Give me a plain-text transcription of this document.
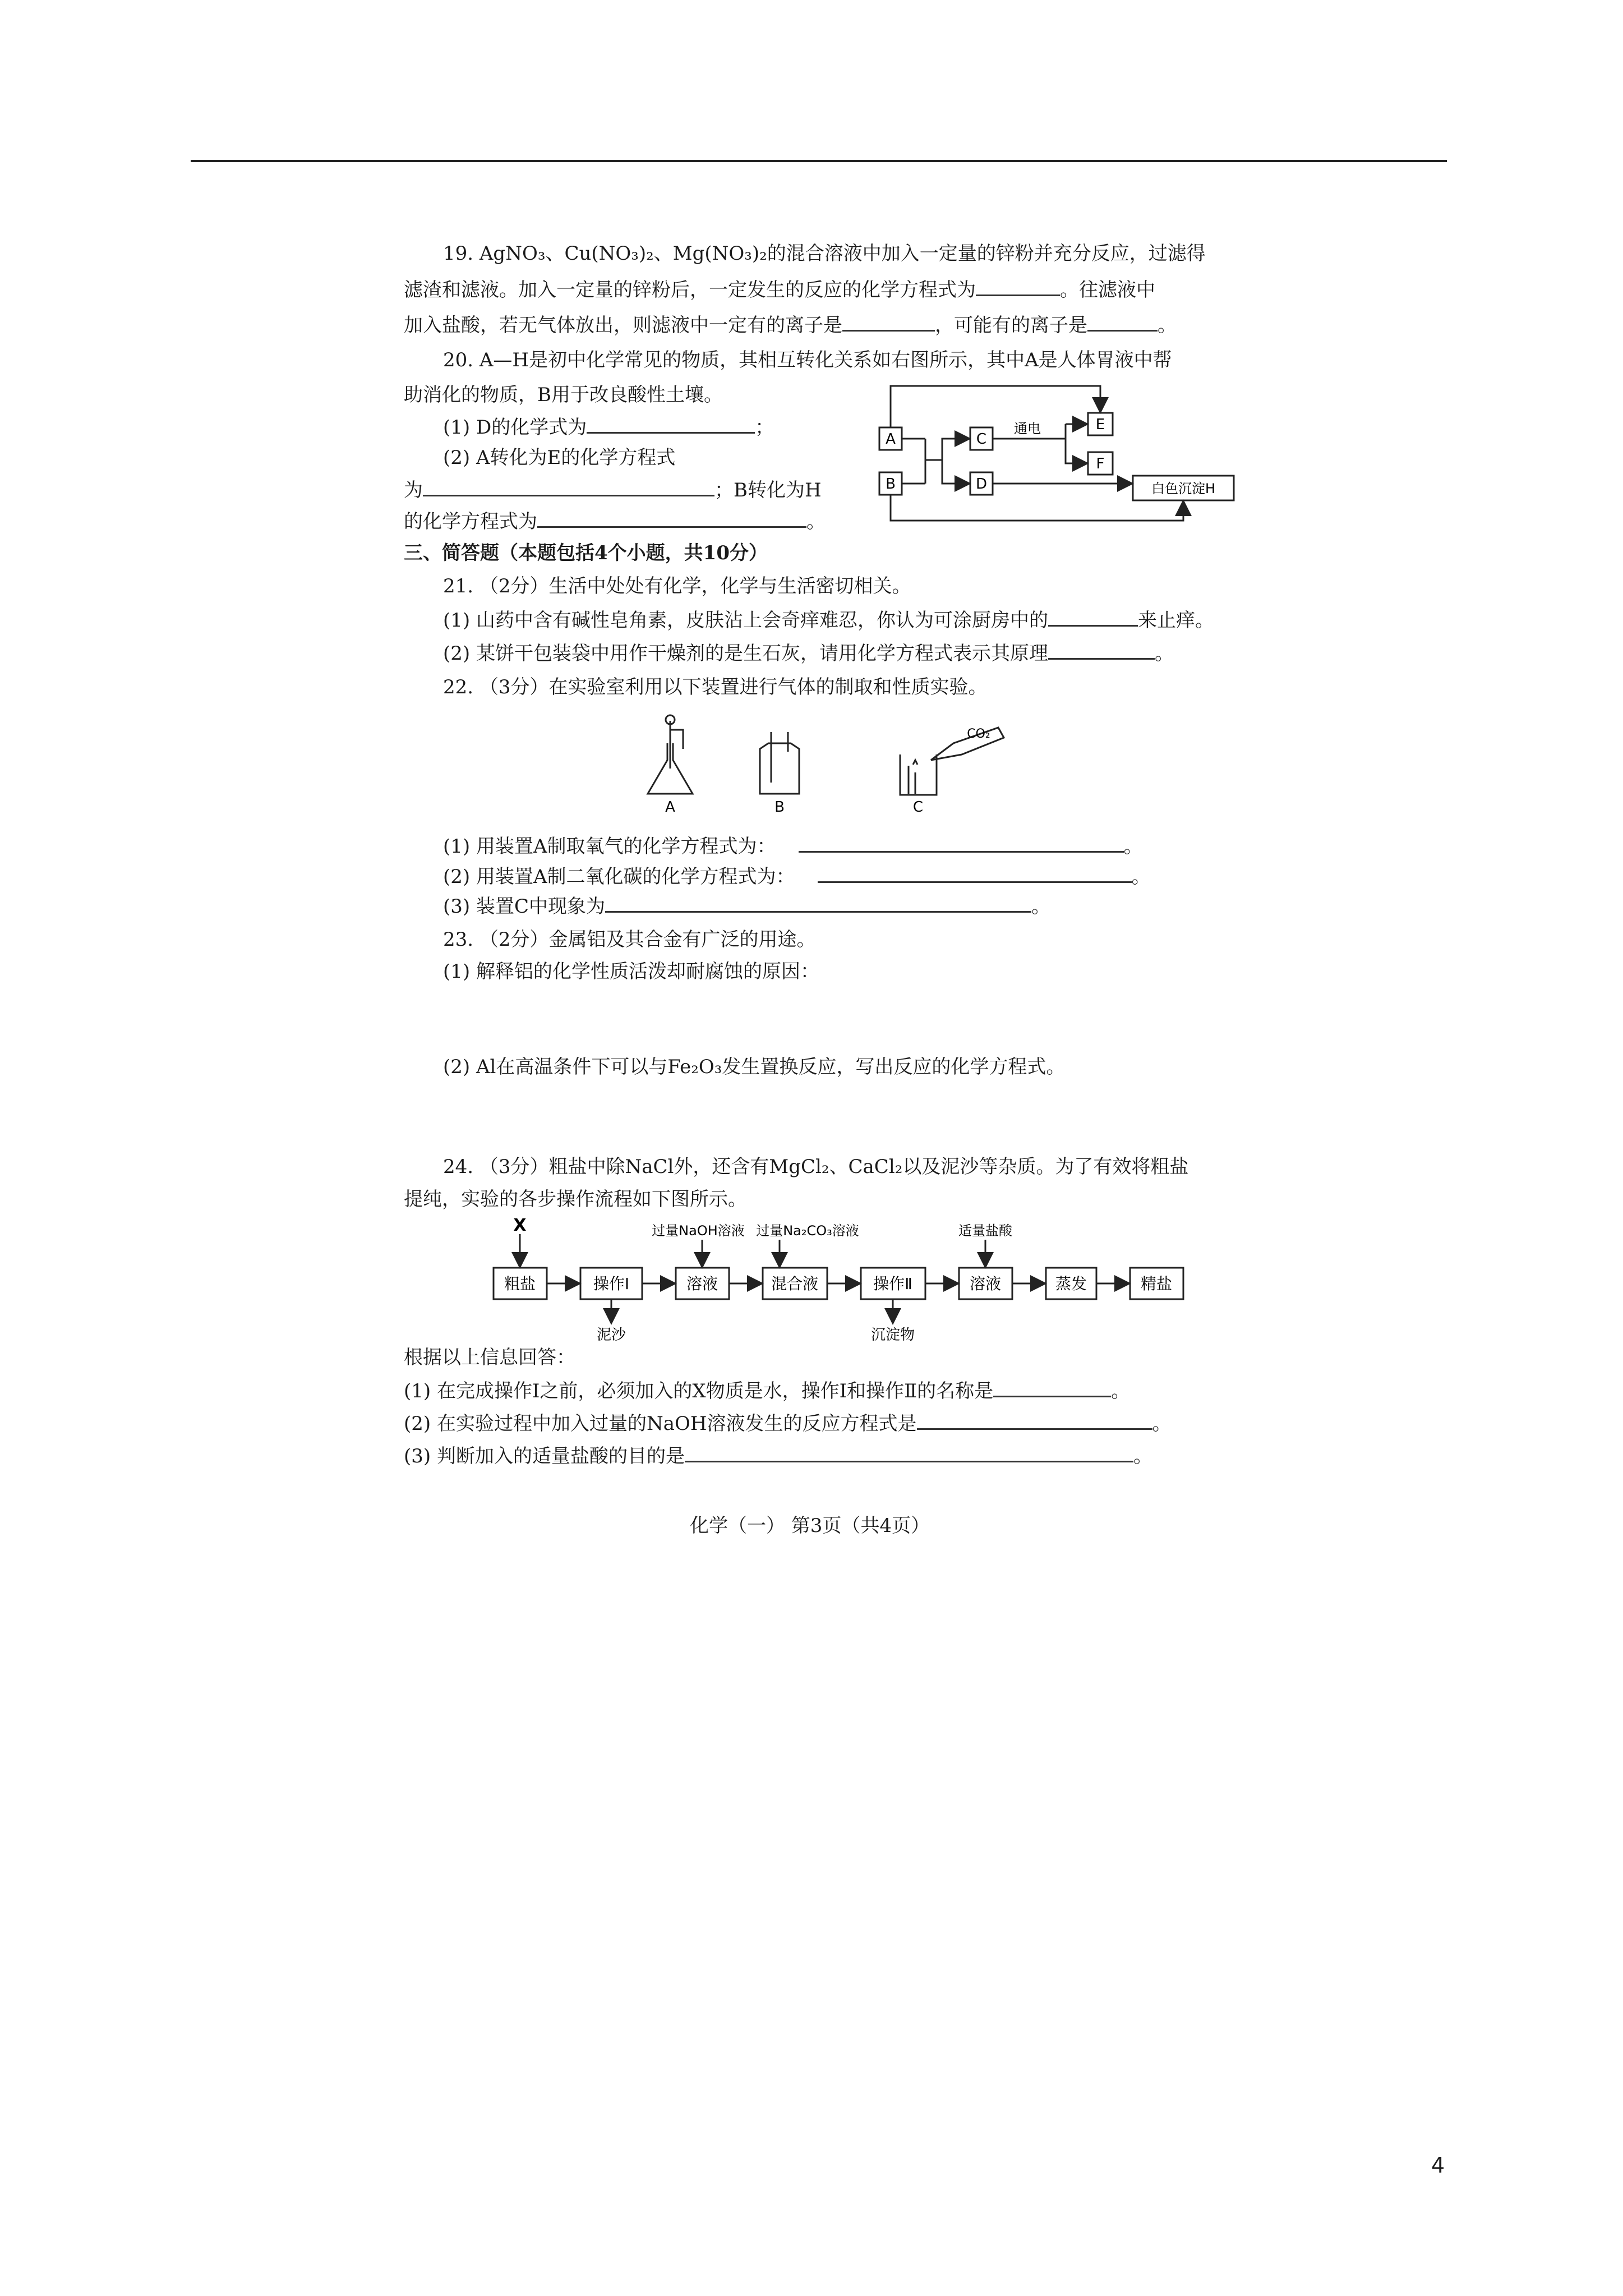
19. AgNO₃、Cu(NO₃)₂、Mg(NO₃)₂的混合溶液中加入一定量的锌粉并充分反应，过滤得
滤渣和滤液。加入一定量的锌粉后，一定发生的反应的化学方程式为	。往滤液中
加入盐酸，若无气体放出，则滤液中一定有的离子是	，可能有的离子是	。
20. A—H是初中化学常见的物质，其相互转化关系如右图所示，其中A是人体胃液中帮
助消化的物质，B用于改良酸性土壤。
(1) D的化学式为	；
(2) A转化为E的化学方程式
为	；B转化为H
的化学方程式为	。
A
B
C
D
E
F
通电
白色沉淀H
三、简答题（本题包括4个小题，共10分）
21. （2分）生活中处处有化学，化学与生活密切相关。
(1) 山药中含有碱性皂角素，皮肤沾上会奇痒难忍，你认为可涂厨房中的	来止痒。
(2) 某饼干包装袋中用作干燥剂的是生石灰，请用化学方程式表示其原理	。
22. （3分）在实验室利用以下装置进行气体的制取和性质实验。
CO₂
A	B	C
(1) 用装置A制取氧气的化学方程式为：	。
(2) 用装置A制二氧化碳的化学方程式为：	。
(3) 装置C中现象为	。
23. （2分）金属铝及其合金有广泛的用途。
(1) 解释铝的化学性质活泼却耐腐蚀的原因：
(2) Al在高温条件下可以与Fe₂O₃发生置换反应，写出反应的化学方程式。
24. （3分）粗盐中除NaCl外，还含有MgCl₂、CaCl₂以及泥沙等杂质。为了有效将粗盐
提纯，实验的各步操作流程如下图所示。
粗盐	操作Ⅰ	溶液	混合液	操作Ⅱ	溶液	蒸发	精盐
X	过量NaOH溶液 过量Na₂CO₃溶液	适量盐酸
泥沙	沉淀物
根据以上信息回答：
(1) 在完成操作Ⅰ之前，必须加入的X物质是水，操作Ⅰ和操作Ⅱ的名称是	。
(2) 在实验过程中加入过量的NaOH溶液发生的反应方程式是	。
(3) 判断加入的适量盐酸的目的是	。
化学（一） 第3页（共4页）
4
